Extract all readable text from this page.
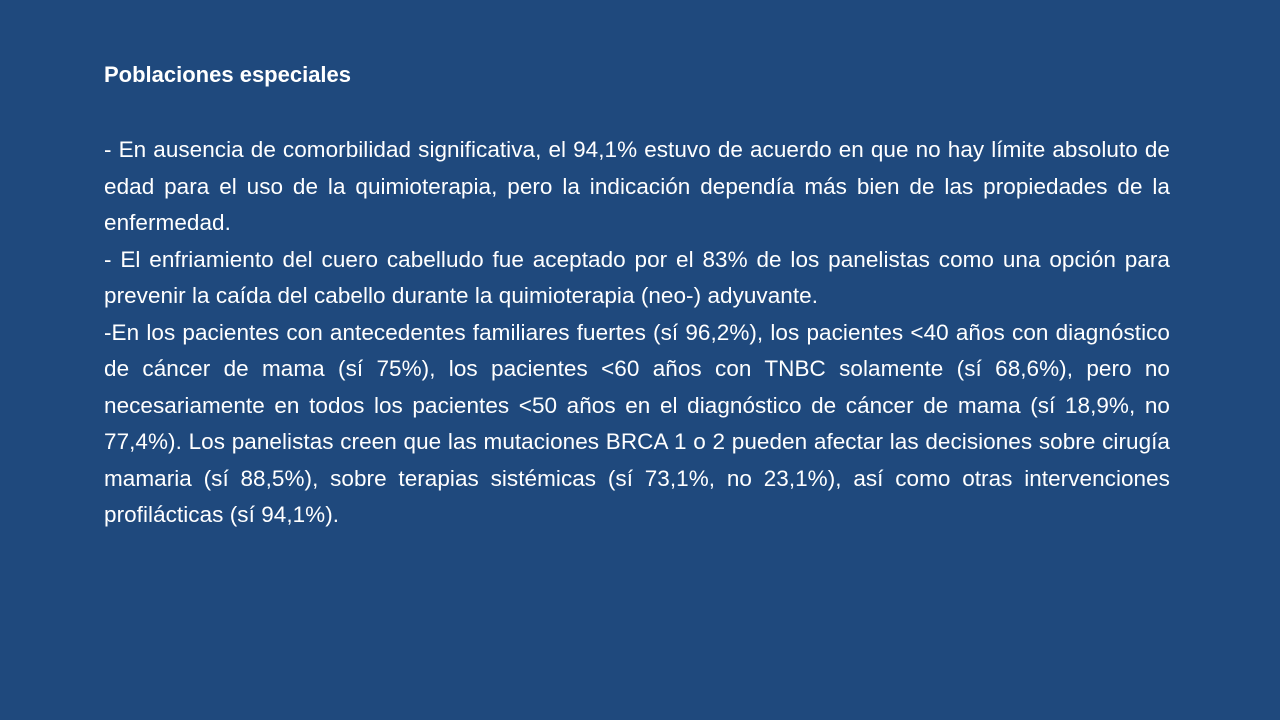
Poblaciones especiales

- En ausencia de comorbilidad significativa, el 94,1% estuvo de acuerdo en que no hay límite absoluto de edad para el uso de la quimioterapia, pero la indicación dependía más bien de las propiedades de la enfermedad.

- El enfriamiento del cuero cabelludo fue aceptado por el 83% de los panelistas como una opción para prevenir la caída del cabello durante la quimioterapia (neo-) adyuvante.

-En los pacientes con antecedentes familiares fuertes (sí 96,2%), los pacientes <40 años con diagnóstico de cáncer de mama (sí 75%), los pacientes <60 años con TNBC solamente (sí 68,6%), pero no necesariamente en todos los pacientes <50 años en el diagnóstico de cáncer de mama (sí 18,9%, no 77,4%). Los panelistas creen que las mutaciones BRCA 1 o 2 pueden afectar las decisiones sobre cirugía mamaria (sí 88,5%), sobre terapias sistémicas (sí 73,1%, no 23,1%), así como otras intervenciones profilácticas (sí 94,1%).
